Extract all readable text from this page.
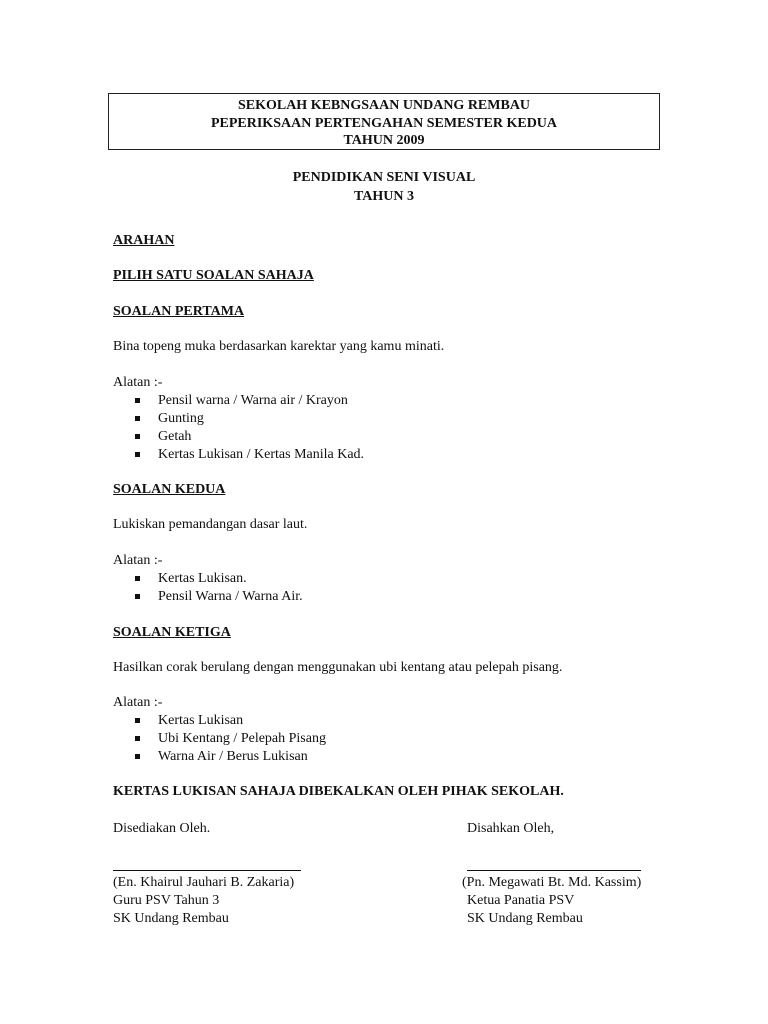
SEKOLAH KEBNGSAAN UNDANG REMBAU
PEPERIKSAAN PERTENGAHAN SEMESTER KEDUA
TAHUN 2009
PENDIDIKAN SENI VISUAL
TAHUN 3
ARAHAN
PILIH SATU SOALAN SAHAJA
SOALAN PERTAMA
Bina topeng muka berdasarkan karektar yang kamu minati.
Alatan :-
Pensil warna / Warna air / Krayon
Gunting
Getah
Kertas Lukisan / Kertas Manila Kad.
SOALAN KEDUA
Lukiskan pemandangan dasar laut.
Alatan :-
Kertas Lukisan.
Pensil Warna / Warna Air.
SOALAN KETIGA
Hasilkan corak berulang dengan menggunakan ubi kentang atau pelepah pisang.
Alatan :-
Kertas Lukisan
Ubi Kentang / Pelepah Pisang
Warna Air / Berus Lukisan
KERTAS LUKISAN SAHAJA DIBEKALKAN OLEH PIHAK SEKOLAH.
Disediakan Oleh.	Disahkan Oleh,
(En. Khairul Jauhari B. Zakaria)
Guru PSV Tahun 3
SK Undang Rembau
(Pn. Megawati Bt. Md. Kassim)
Ketua Panatia PSV
SK Undang Rembau
